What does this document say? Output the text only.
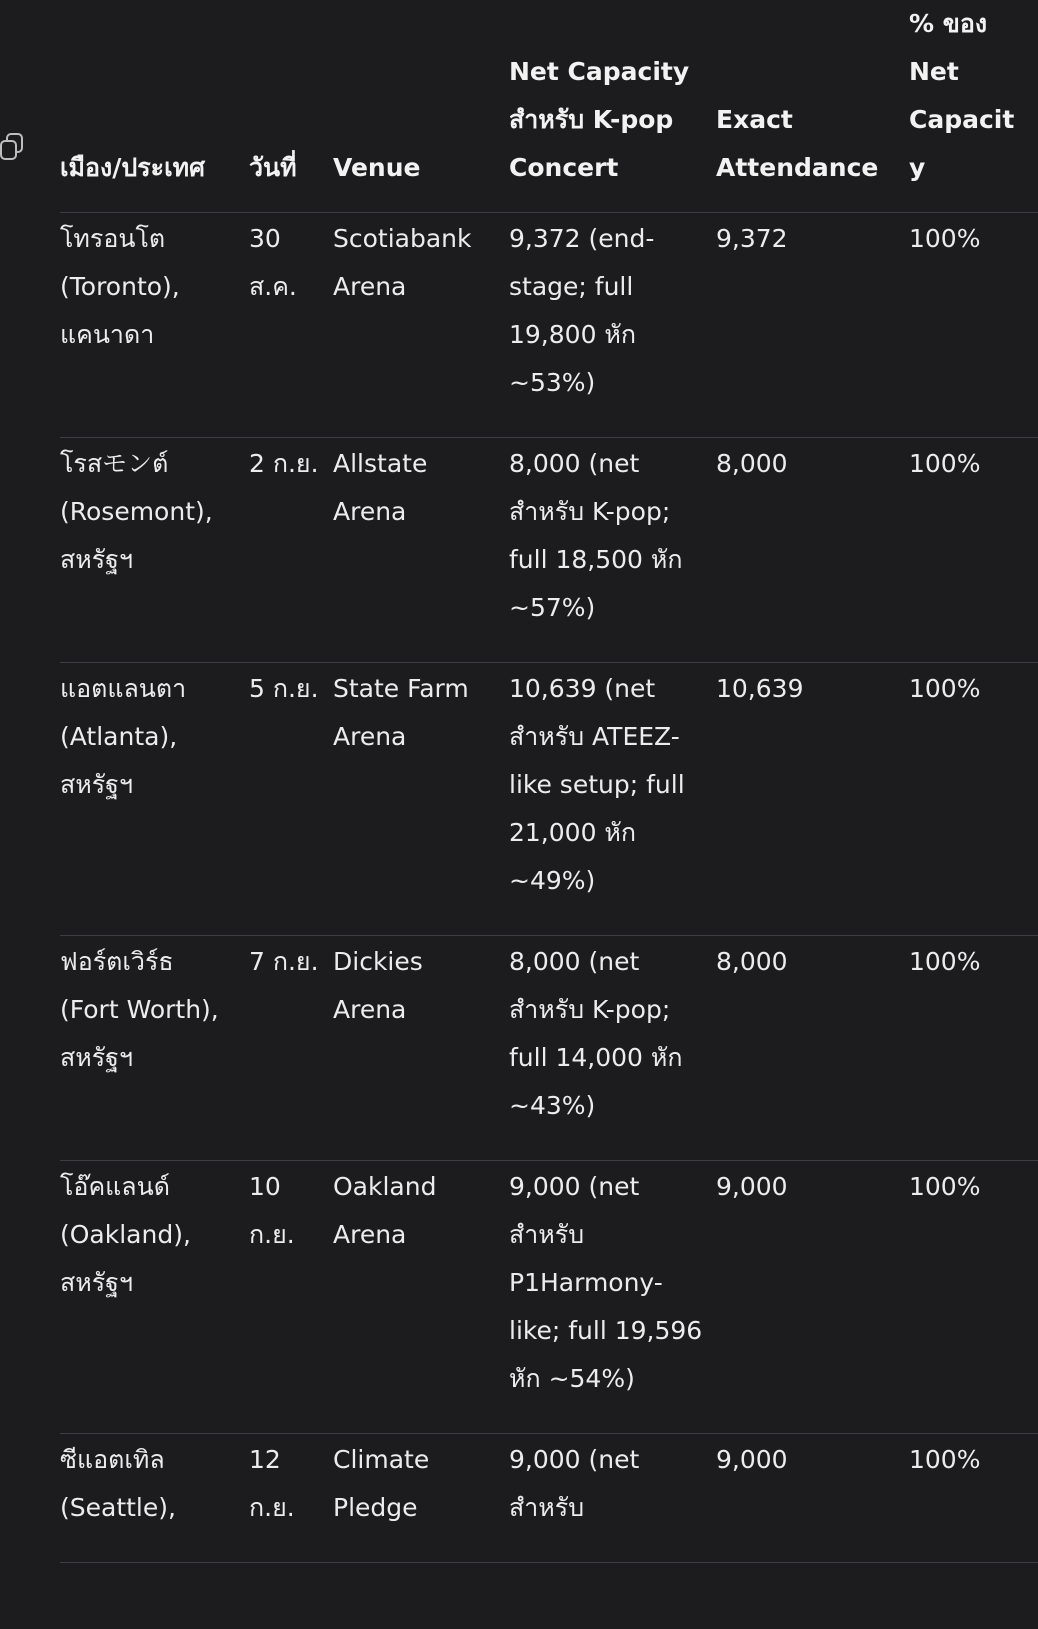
เมือง/ประเทศ	วันที่	Venue	Net Capacity สำหรับ K-pop Concert	Exact Attendance	% ของ Net Capacity
โทรอนโต (Toronto), แคนาดา	30 ส.ค.	Scotiabank Arena	9,372 (end-stage; full 19,800 หัก ~53%)	9,372	100%
โรสモンต์ (Rosemont), สหรัฐฯ	2 ก.ย.	Allstate Arena	8,000 (net สำหรับ K-pop; full 18,500 หัก ~57%)	8,000	100%
แอตแลนตา (Atlanta), สหรัฐฯ	5 ก.ย.	State Farm Arena	10,639 (net สำหรับ ATEEZ-like setup; full 21,000 หัก ~49%)	10,639	100%
ฟอร์ตเวิร์ธ (Fort Worth), สหรัฐฯ	7 ก.ย.	Dickies Arena	8,000 (net สำหรับ K-pop; full 14,000 หัก ~43%)	8,000	100%
โอ๊คแลนด์ (Oakland), สหรัฐฯ	10 ก.ย.	Oakland Arena	9,000 (net สำหรับ P1Harmony-like; full 19,596 หัก ~54%)	9,000	100%
ซีแอตเทิล (Seattle),	12 ก.ย.	Climate Pledge	9,000 (net สำหรับ	9,000	100%
